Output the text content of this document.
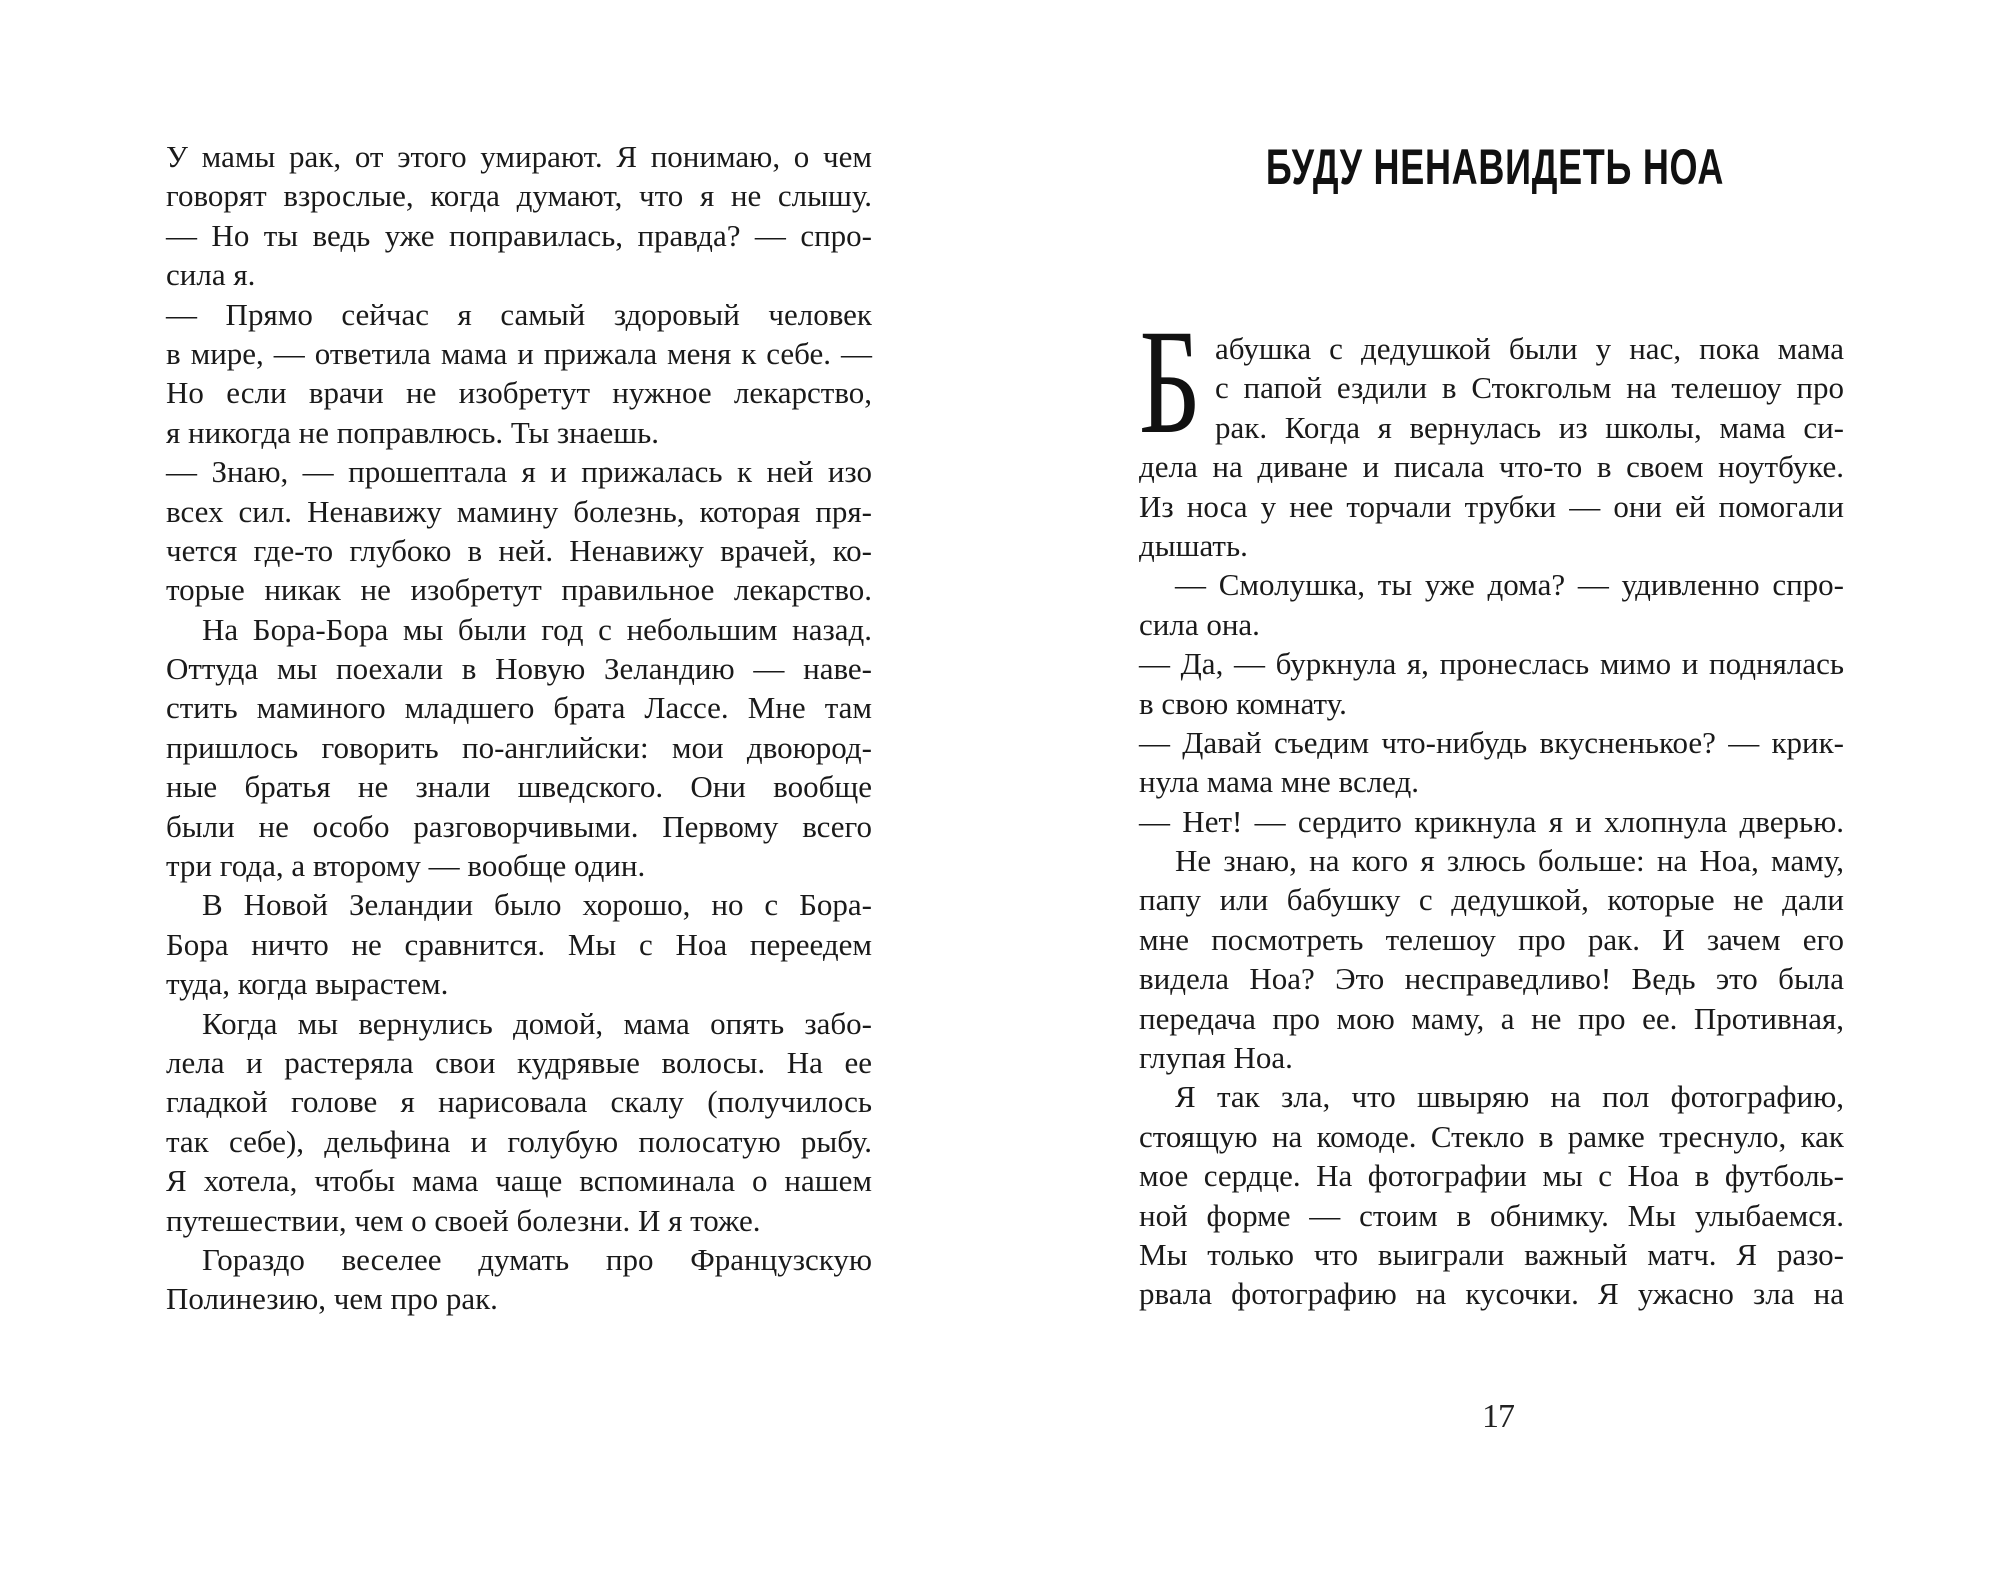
У мамы рак, от этого умирают. Я понимаю, о чем
говорят взрослые, когда думают, что я не слышу.
— Но ты ведь уже поправилась, правда? — спро-
сила я.
— Прямо сейчас я самый здоровый человек
в мире, — ответила мама и прижала меня к себе. —
Но если врачи не изобретут нужное лекарство,
я никогда не поправлюсь. Ты знаешь.
— Знаю, — прошептала я и прижалась к ней изо
всех сил. Ненавижу мамину болезнь, которая пря-
чется где-то глубоко в ней. Ненавижу врачей, ко-
торые никак не изобретут правильное лекарство.
На Бора-Бора мы были год с небольшим назад.
Оттуда мы поехали в Новую Зеландию — наве-
стить маминого младшего брата Лассе. Мне там
пришлось говорить по-английски: мои двоюрод-
ные братья не знали шведского. Они вообще
были не особо разговорчивыми. Первому всего
три года, а второму — вообще один.
В Новой Зеландии было хорошо, но с Бора-
Бора ничто не сравнится. Мы с Ноа переедем
туда, когда вырастем.
Когда мы вернулись домой, мама опять забо-
лела и растеряла свои кудрявые волосы. На ее
гладкой голове я нарисовала скалу (получилось
так себе), дельфина и голубую полосатую рыбу.
Я хотела, чтобы мама чаще вспоминала о нашем
путешествии, чем о своей болезни. И я тоже.
Гораздо веселее думать про Французскую
Полинезию, чем про рак.
БУДУ НЕНАВИДЕТЬ НОА
Б абушка с дедушкой были у нас, пока мама
с папой ездили в Стокгольм на телешоу про
рак. Когда я вернулась из школы, мама си-
дела на диване и писала что-то в своем ноутбуке.
Из носа у нее торчали трубки — они ей помогали
дышать.
— Смолушка, ты уже дома? — удивленно спро-
сила она.
— Да, — буркнула я, пронеслась мимо и поднялась
в свою комнату.
— Давай съедим что-нибудь вкусненькое? — крик-
нула мама мне вслед.
— Нет! — сердито крикнула я и хлопнула дверью.
Не знаю, на кого я злюсь больше: на Ноа, маму,
папу или бабушку с дедушкой, которые не дали
мне посмотреть телешоу про рак. И зачем его
видела Ноа? Это несправедливо! Ведь это была
передача про мою маму, а не про ее. Противная,
глупая Ноа.
Я так зла, что швыряю на пол фотографию,
стоящую на комоде. Стекло в рамке треснуло, как
мое сердце. На фотографии мы с Ноа в футболь-
ной форме — стоим в обнимку. Мы улыбаемся.
Мы только что выиграли важный матч. Я разо-
рвала фотографию на кусочки. Я ужасно зла на
17
